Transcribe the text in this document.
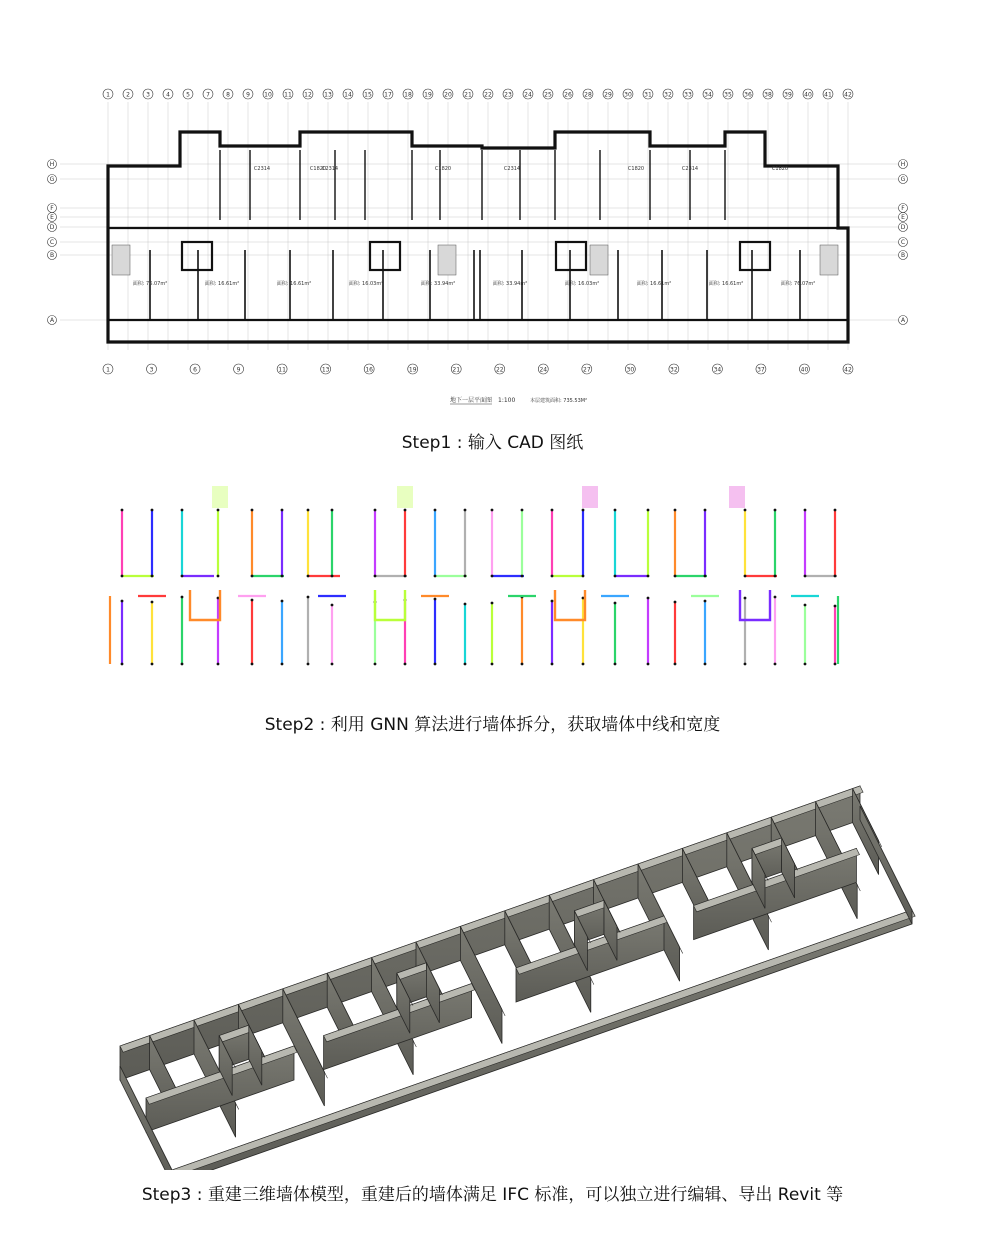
1	2	3	4	5	7	8	9 10 11 12 13 14 15 17 18 19 20 21 22 23 24 25 26 28 29 30 31 32 33 34 35 36 38 39 40 41 42
1	3	6	9	11	13	16	19	21	22	24	27	30	32	34	37	40	42
H	H
G	G
F	F
E	E
D	D
C	C
B	B
A	A
C2314	C1820	C1820	C2314	C1820	C2314	C1820
C2314
面积: 76.07m²	面积: 16.61m²	面积: 16.61m²	面积: 16.03m²	面积: 33.94m²	面积: 33.94m²	面积: 16.03m²	面积: 16.61m²	面积: 16.61m²	面积: 76.07m²
地下一层平面图 1:100	本层建筑面积: 735.53M²
Step1 : 输入 CAD 图纸
Step2 : 利用 GNN 算法进行墙体拆分，获取墙体中线和宽度
Step3 : 重建三维墙体模型，重建后的墙体满足 IFC 标准，可以独立进行编辑、导出 Revit 等
